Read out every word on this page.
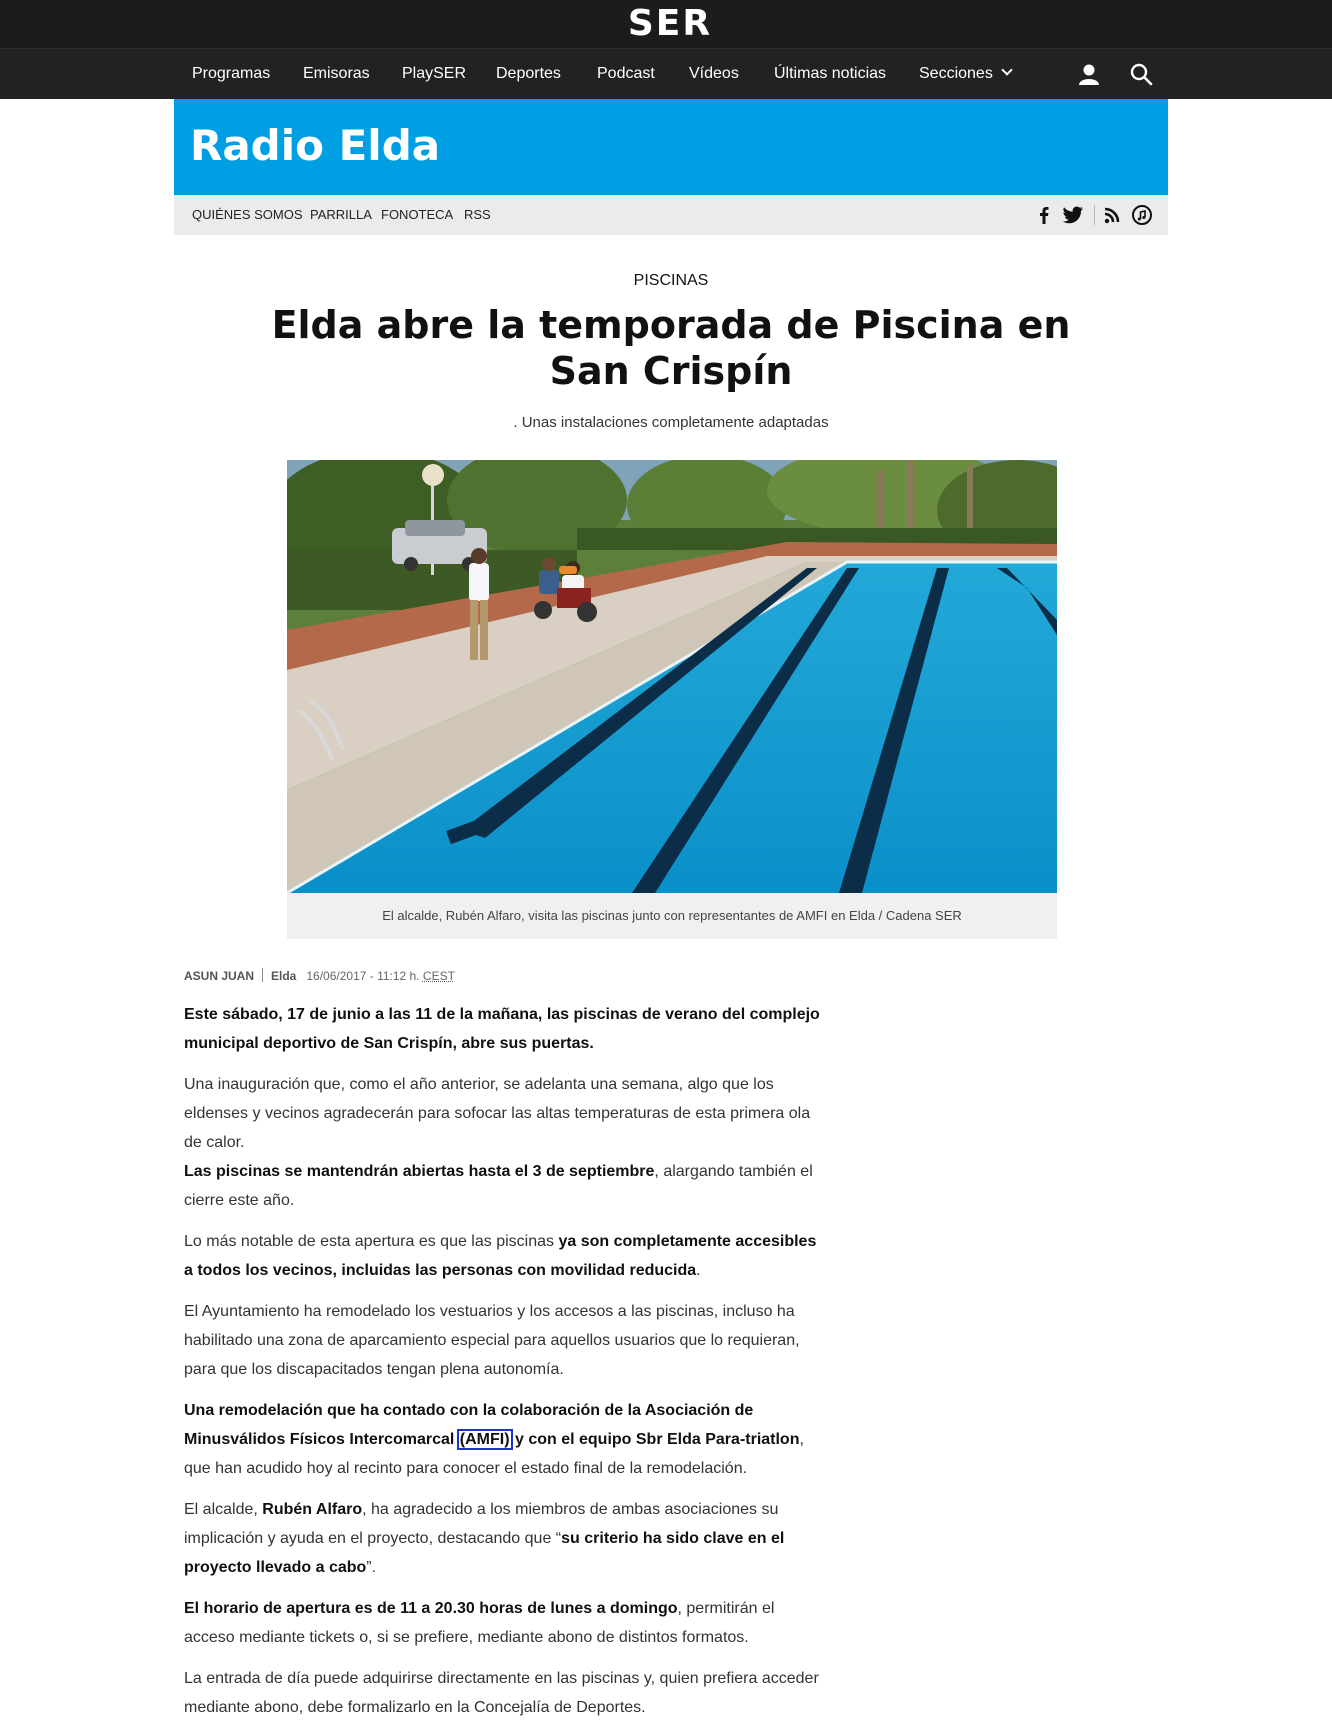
SER
Programas Emisoras PlaySER Deportes Podcast Vídeos Últimas noticias Secciones
Radio Elda
QUIÉNES SOMOS PARRILLA FONOTECA RSS
PISCINAS
Elda abre la temporada de Piscina en San Crispín
. Unas instalaciones completamente adaptadas
El alcalde, Rubén Alfaro, visita las piscinas junto con representantes de AMFI en Elda / Cadena SER
ASUN JUAN Elda 16/06/2017 - 11:12 h. CEST

Este sábado, 17 de junio a las 11 de la mañana, las piscinas de verano del complejo municipal deportivo de San Crispín, abre sus puertas.

Una inauguración que, como el año anterior, se adelanta una semana, algo que los eldenses y vecinos agradecerán para sofocar las altas temperaturas de esta primera ola de calor.

Las piscinas se mantendrán abiertas hasta el 3 de septiembre, alargando también el cierre este año.

Lo más notable de esta apertura es que las piscinas ya son completamente accesibles a todos los vecinos, incluidas las personas con movilidad reducida.

El Ayuntamiento ha remodelado los vestuarios y los accesos a las piscinas, incluso ha habilitado una zona de aparcamiento especial para aquellos usuarios que lo requieran, para que los discapacitados tengan plena autonomía.

Una remodelación que ha contado con la colaboración de la Asociación de Minusválidos Físicos Intercomarcal (AMFI) y con el equipo Sbr Elda Para-triatlon, que han acudido hoy al recinto para conocer el estado final de la remodelación.

El alcalde, Rubén Alfaro, ha agradecido a los miembros de ambas asociaciones su implicación y ayuda en el proyecto, destacando que “su criterio ha sido clave en el proyecto llevado a cabo”.

El horario de apertura es de 11 a 20.30 horas de lunes a domingo, permitirán el acceso mediante tickets o, si se prefiere, mediante abono de distintos formatos.

La entrada de día puede adquirirse directamente en las piscinas y, quien prefiera acceder mediante abono, debe formalizarlo en la Concejalía de Deportes.
